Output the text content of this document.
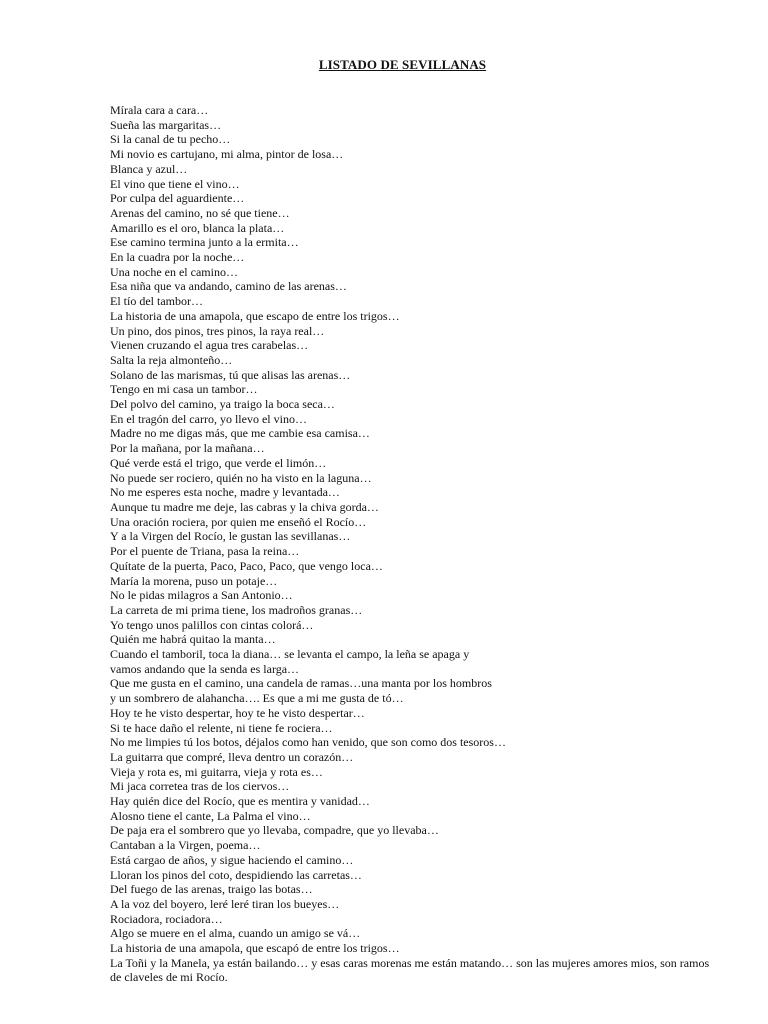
LISTADO DE SEVILLANAS
Mírala cara a cara…
Sueña las margaritas…
Si la canal de tu pecho…
Mi novio es cartujano, mi alma, pintor de losa…
Blanca y azul…
El vino que tiene el vino…
Por culpa del aguardiente…
Arenas del camino, no sé que tiene…
Amarillo es el oro, blanca la plata…
Ese camino termina junto a la ermita…
En la cuadra por la noche…
Una noche en el camino…
Esa niña que va andando, camino de las arenas…
El tío del tambor…
La historia de una amapola, que escapo de entre los trigos…
Un pino, dos pinos, tres pinos, la raya real…
Vienen cruzando el agua tres carabelas…
Salta la reja almonteño…
Solano de las marismas, tú que alisas las arenas…
Tengo en mi casa un tambor…
Del polvo del camino, ya traigo la boca seca…
En el tragón del carro, yo llevo el vino…
Madre no me digas más, que me cambie esa camisa…
Por la mañana, por la mañana…
Qué verde está el trigo, que verde el limón…
No puede ser rociero, quién no ha visto en la laguna…
No me esperes esta noche, madre y levantada…
Aunque tu madre me deje, las cabras y la chiva gorda…
Una oración rociera, por quien me enseñó el Rocío…
Y a la Virgen del Rocío, le gustan las sevillanas…
Por el puente de Triana, pasa la reina…
Quítate de la puerta, Paco, Paco, Paco, que vengo loca…
María la morena, puso un potaje…
No le pidas milagros a San Antonio…
La carreta de mi prima tiene, los madroños granas…
Yo tengo unos palillos con cintas colorá…
Quién me habrá quitao la manta…
Cuando el tamboril, toca la diana… se levanta el campo, la leña se apaga y
vamos andando que la senda es larga…
Que me gusta en el camino, una candela de ramas…una manta por los hombros
y un sombrero de alahancha…. Es que a mi me gusta de tó…
Hoy te he visto despertar, hoy te he visto despertar…
Si te hace daño el relente, ni tiene fe rociera…
No me limpies tú los botos, déjalos como han venido, que son como dos tesoros…
La guitarra que compré, lleva dentro un corazón…
Vieja y rota es, mi guitarra, vieja y rota es…
Mi jaca corretea tras de los ciervos…
Hay quién dice del Rocío, que es mentira y vanidad…
Alosno tiene el cante, La Palma el vino…
De paja era el sombrero que yo llevaba, compadre, que yo llevaba…
Cantaban a la Virgen, poema…
Está cargao de años, y sigue haciendo el camino…
Lloran los pinos del coto, despidiendo las carretas…
Del fuego de las arenas, traigo las botas…
A la voz del boyero, leré leré tiran los bueyes…
Rociadora, rociadora…
Algo se muere en el alma, cuando un amigo se vá…
La historia de una amapola, que escapó de entre los trigos…
La Toñi y la Manela, ya están bailando… y esas caras morenas me están matando… son las mujeres amores mios, son ramos
de claveles de mi Rocío.
